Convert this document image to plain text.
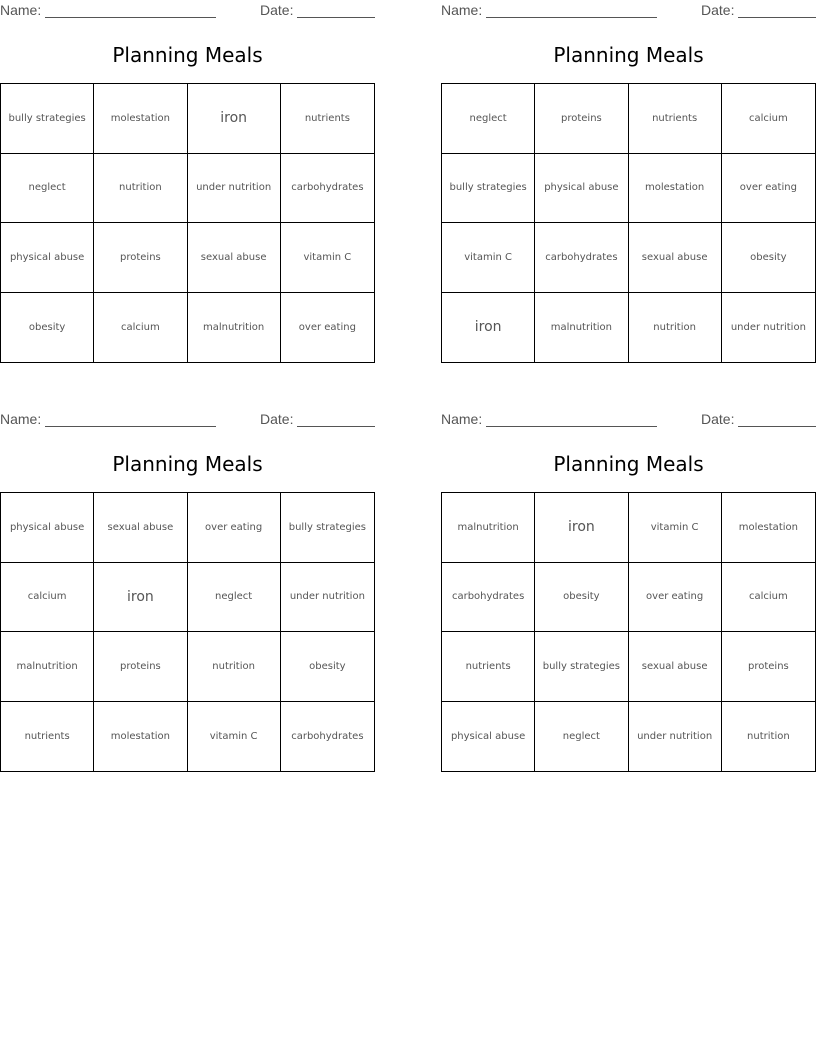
Name:	Date:
Planning Meals
bully strategies	molestation	iron	nutrients
neglect	nutrition	under nutrition	carbohydrates
physical abuse	proteins	sexual abuse	vitamin C
obesity	calcium	malnutrition	over eating
Name:	Date:
Planning Meals
neglect	proteins	nutrients	calcium
bully strategies	physical abuse	molestation	over eating
vitamin C	carbohydrates	sexual abuse	obesity
iron	malnutrition	nutrition	under nutrition
Name:	Date:
Planning Meals
physical abuse	sexual abuse	over eating	bully strategies
calcium	iron	neglect	under nutrition
malnutrition	proteins	nutrition	obesity
nutrients	molestation	vitamin C	carbohydrates
Name:	Date:
Planning Meals
malnutrition	iron	vitamin C	molestation
carbohydrates	obesity	over eating	calcium
nutrients	bully strategies	sexual abuse	proteins
physical abuse	neglect	under nutrition	nutrition
